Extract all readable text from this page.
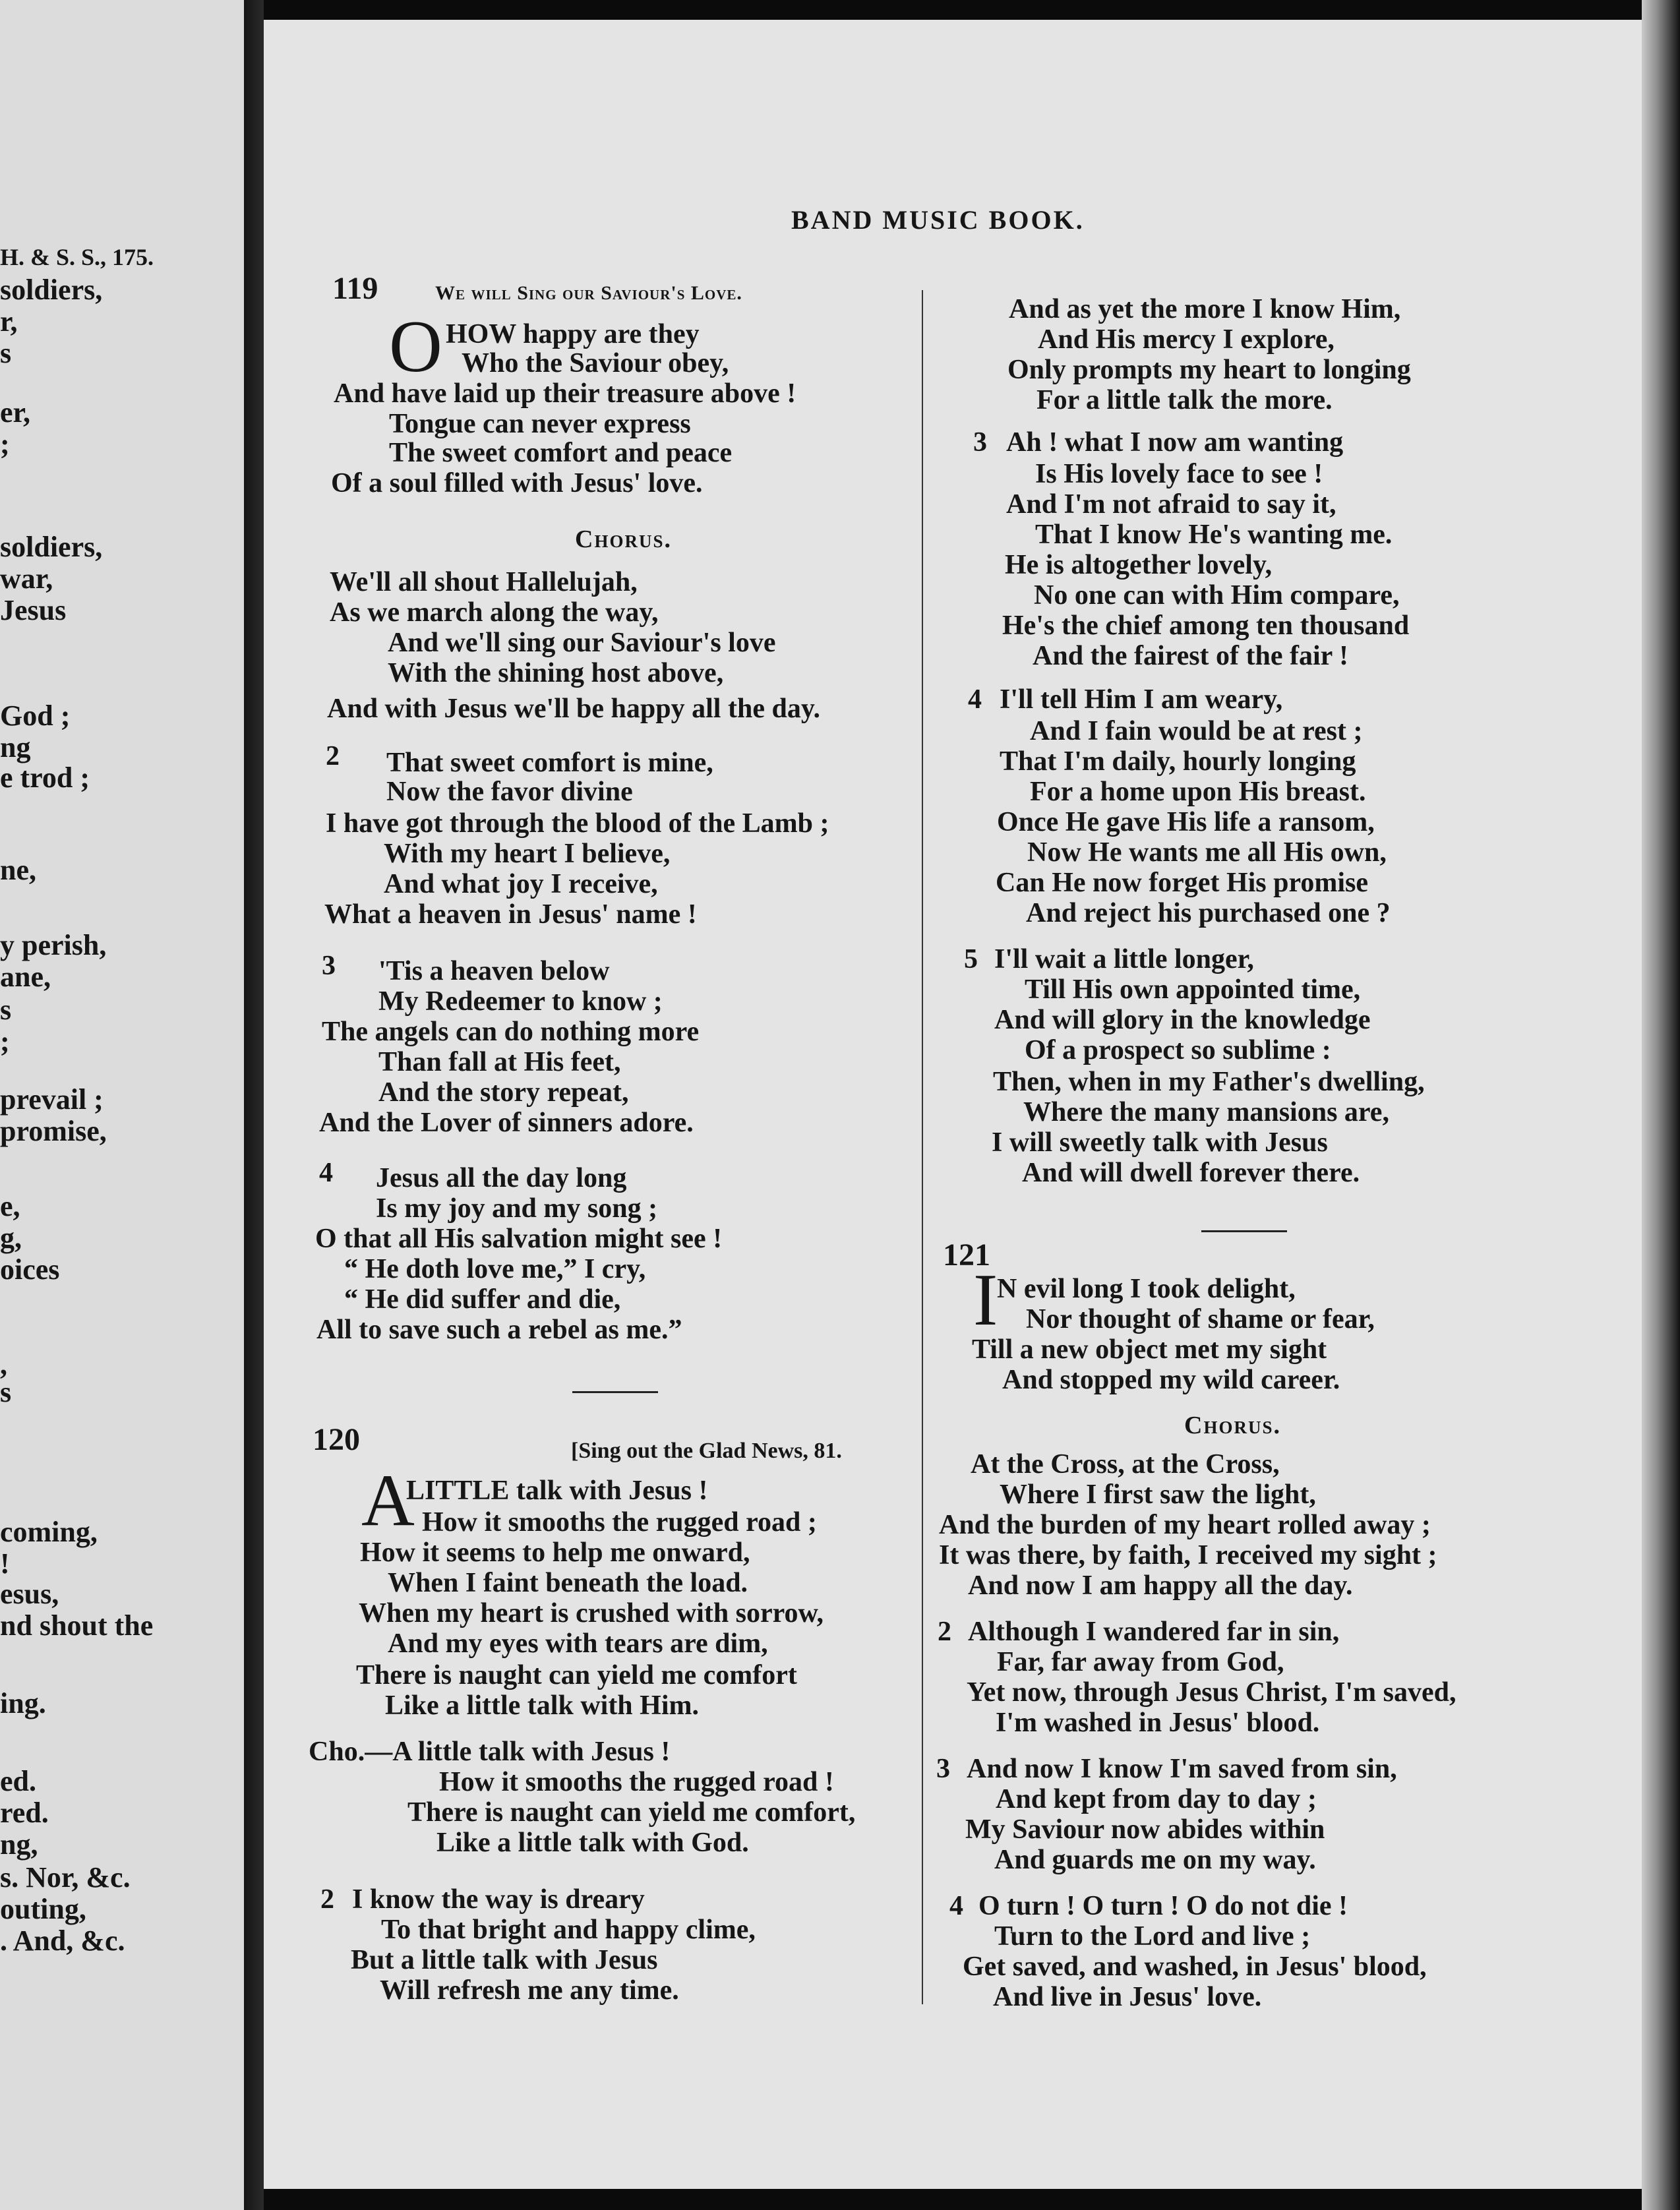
H. & S. S., 175.
soldiers,
r,
s
er,
;
soldiers,
war,
Jesus
God ;
ng
e trod ;
ne,
y perish,
ane,
s
;
prevail ;
promise,
e,
g,
oices
,
s
coming,
!
esus,
nd shout the
ing.
ed.
red.
ng,
s. Nor, &c.
outing,
. And, &c.
BAND MUSIC BOOK.
119	We will Sing our Saviour's Love.
O HOW happy are they
Who the Saviour obey,
And have laid up their treasure above !
Tongue can never express
The sweet comfort and peace
Of a soul filled with Jesus' love.
Chorus.
We'll all shout Hallelujah,
As we march along the way,
And we'll sing our Saviour's love
With the shining host above,
And with Jesus we'll be happy all the day.
2 That sweet comfort is mine,
Now the favor divine
I have got through the blood of the Lamb ;
With my heart I believe,
And what joy I receive,
What a heaven in Jesus' name !
3 'Tis a heaven below
My Redeemer to know ;
The angels can do nothing more
Than fall at His feet,
And the story repeat,
And the Lover of sinners adore.
4 Jesus all the day long
Is my joy and my song ;
O that all His salvation might see !
“ He doth love me,” I cry,
“ He did suffer and die,
All to save such a rebel as me.”
120	[Sing out the Glad News, 81.
A
LITTLE talk with Jesus !
How it smooths the rugged road ;
How it seems to help me onward,
When I faint beneath the load.
When my heart is crushed with sorrow,
And my eyes with tears are dim,
There is naught can yield me comfort
Like a little talk with Him.
Cho.—A little talk with Jesus !
How it smooths the rugged road !
There is naught can yield me comfort,
Like a little talk with God.
2 I know the way is dreary
To that bright and happy clime,
But a little talk with Jesus
Will refresh me any time.
And as yet the more I know Him,
And His mercy I explore,
Only prompts my heart to longing
For a little talk the more.
3 Ah ! what I now am wanting
Is His lovely face to see !
And I'm not afraid to say it,
That I know He's wanting me.
He is altogether lovely,
No one can with Him compare,
He's the chief among ten thousand
And the fairest of the fair !
4 I'll tell Him I am weary,
And I fain would be at rest ;
That I'm daily, hourly longing
For a home upon His breast.
Once He gave His life a ransom,
Now He wants me all His own,
Can He now forget His promise
And reject his purchased one ?
5 I'll wait a little longer,
Till His own appointed time,
And will glory in the knowledge
Of a prospect so sublime :
Then, when in my Father's dwelling,
Where the many mansions are,
I will sweetly talk with Jesus
And will dwell forever there.
121
I
N evil long I took delight,
Nor thought of shame or fear,
Till a new object met my sight
And stopped my wild career.
Chorus.
At the Cross, at the Cross,
Where I first saw the light,
And the burden of my heart rolled away ;
It was there, by faith, I received my sight ;
And now I am happy all the day.
2 Although I wandered far in sin,
Far, far away from God,
Yet now, through Jesus Christ, I'm saved,
I'm washed in Jesus' blood.
3 And now I know I'm saved from sin,
And kept from day to day ;
My Saviour now abides within
And guards me on my way.
4 O turn ! O turn ! O do not die !
Turn to the Lord and live ;
Get saved, and washed, in Jesus' blood,
And live in Jesus' love.
